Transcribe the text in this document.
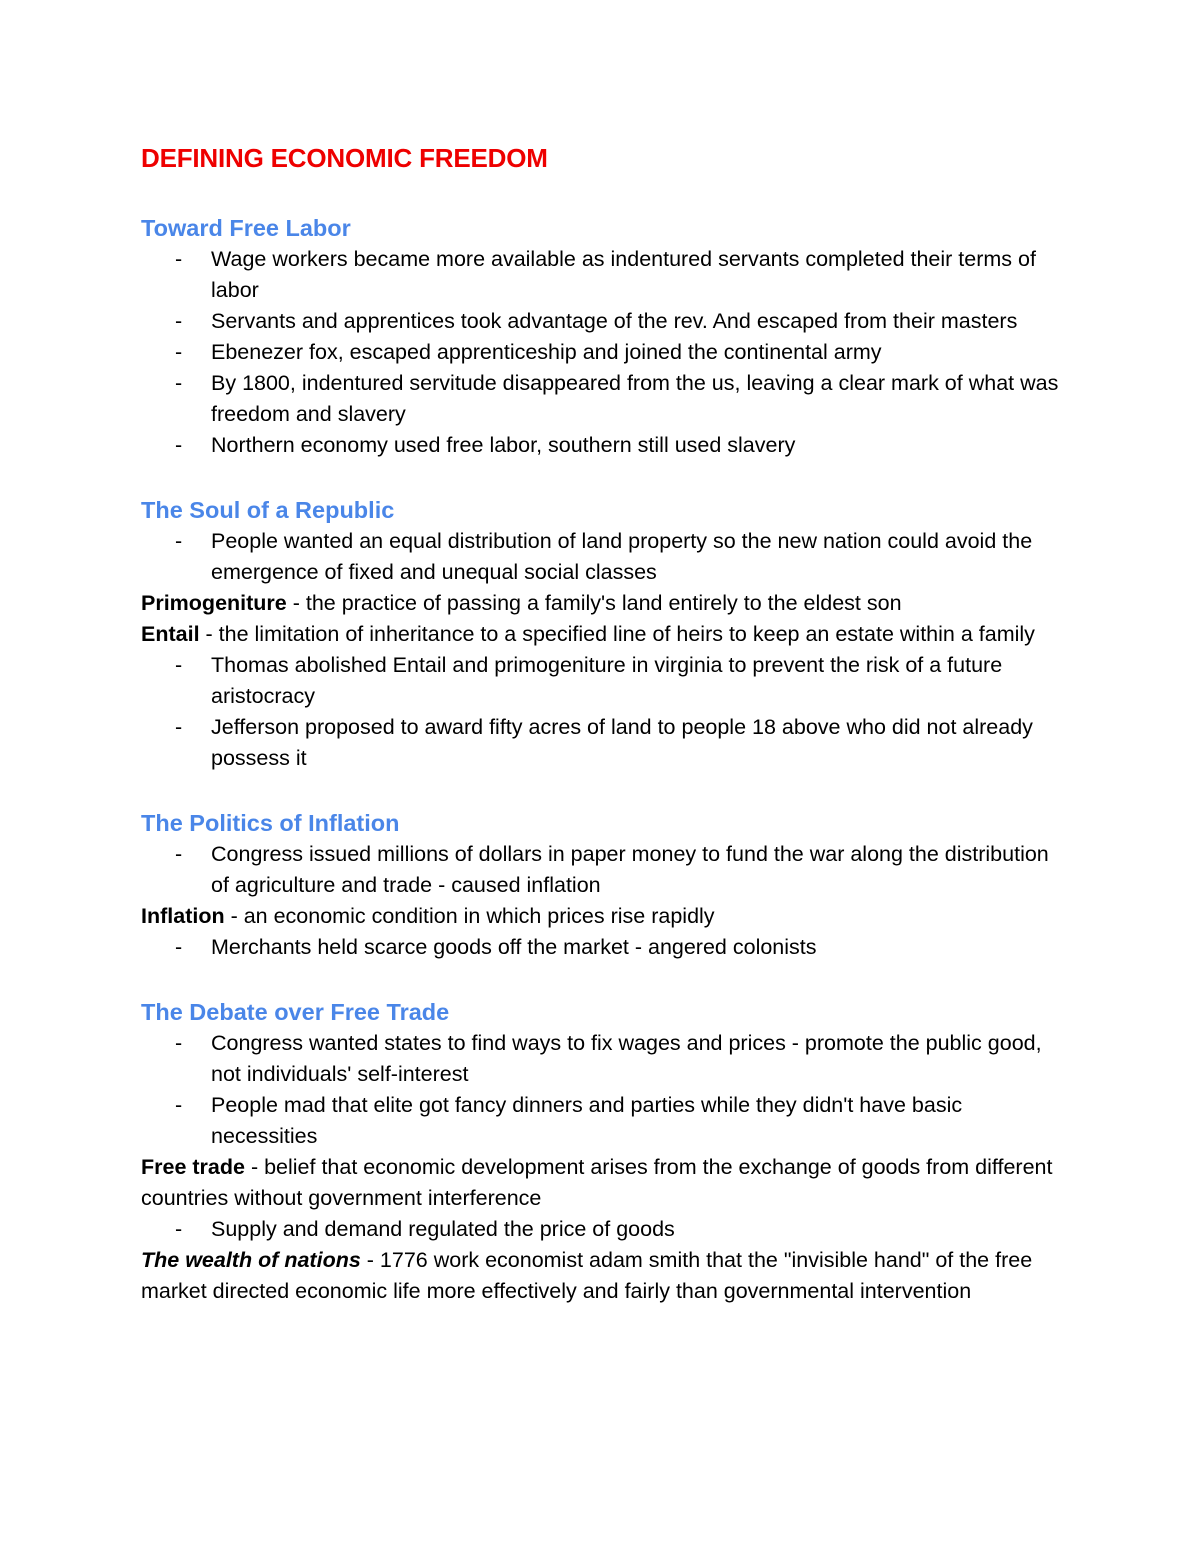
DEFINING ECONOMIC FREEDOM
Toward Free Labor
- Wage workers became more available as indentured servants completed their terms of labor
- Servants and apprentices took advantage of the rev. And escaped from their masters
- Ebenezer fox, escaped apprenticeship and joined the continental army
- By 1800, indentured servitude disappeared from the us, leaving a clear mark of what was freedom and slavery
- Northern economy used free labor, southern still used slavery
The Soul of a Republic
- People wanted an equal distribution of land property so the new nation could avoid the emergence of fixed and unequal social classes
Primogeniture - the practice of passing a family's land entirely to the eldest son
Entail - the limitation of inheritance to a specified line of heirs to keep an estate within a family
- Thomas abolished Entail and primogeniture in virginia to prevent the risk of a future aristocracy
- Jefferson proposed to award fifty acres of land to people 18 above who did not already possess it
The Politics of Inflation
- Congress issued millions of dollars in paper money to fund the war along the distribution of agriculture and trade - caused inflation
Inflation - an economic condition in which prices rise rapidly
- Merchants held scarce goods off the market - angered colonists
The Debate over Free Trade
- Congress wanted states to find ways to fix wages and prices - promote the public good, not individuals' self-interest
- People mad that elite got fancy dinners and parties while they didn't have basic necessities
Free trade - belief that economic development arises from the exchange of goods from different countries without government interference
- Supply and demand regulated the price of goods
The wealth of nations - 1776 work economist adam smith that the "invisible hand" of the free market directed economic life more effectively and fairly than governmental intervention
